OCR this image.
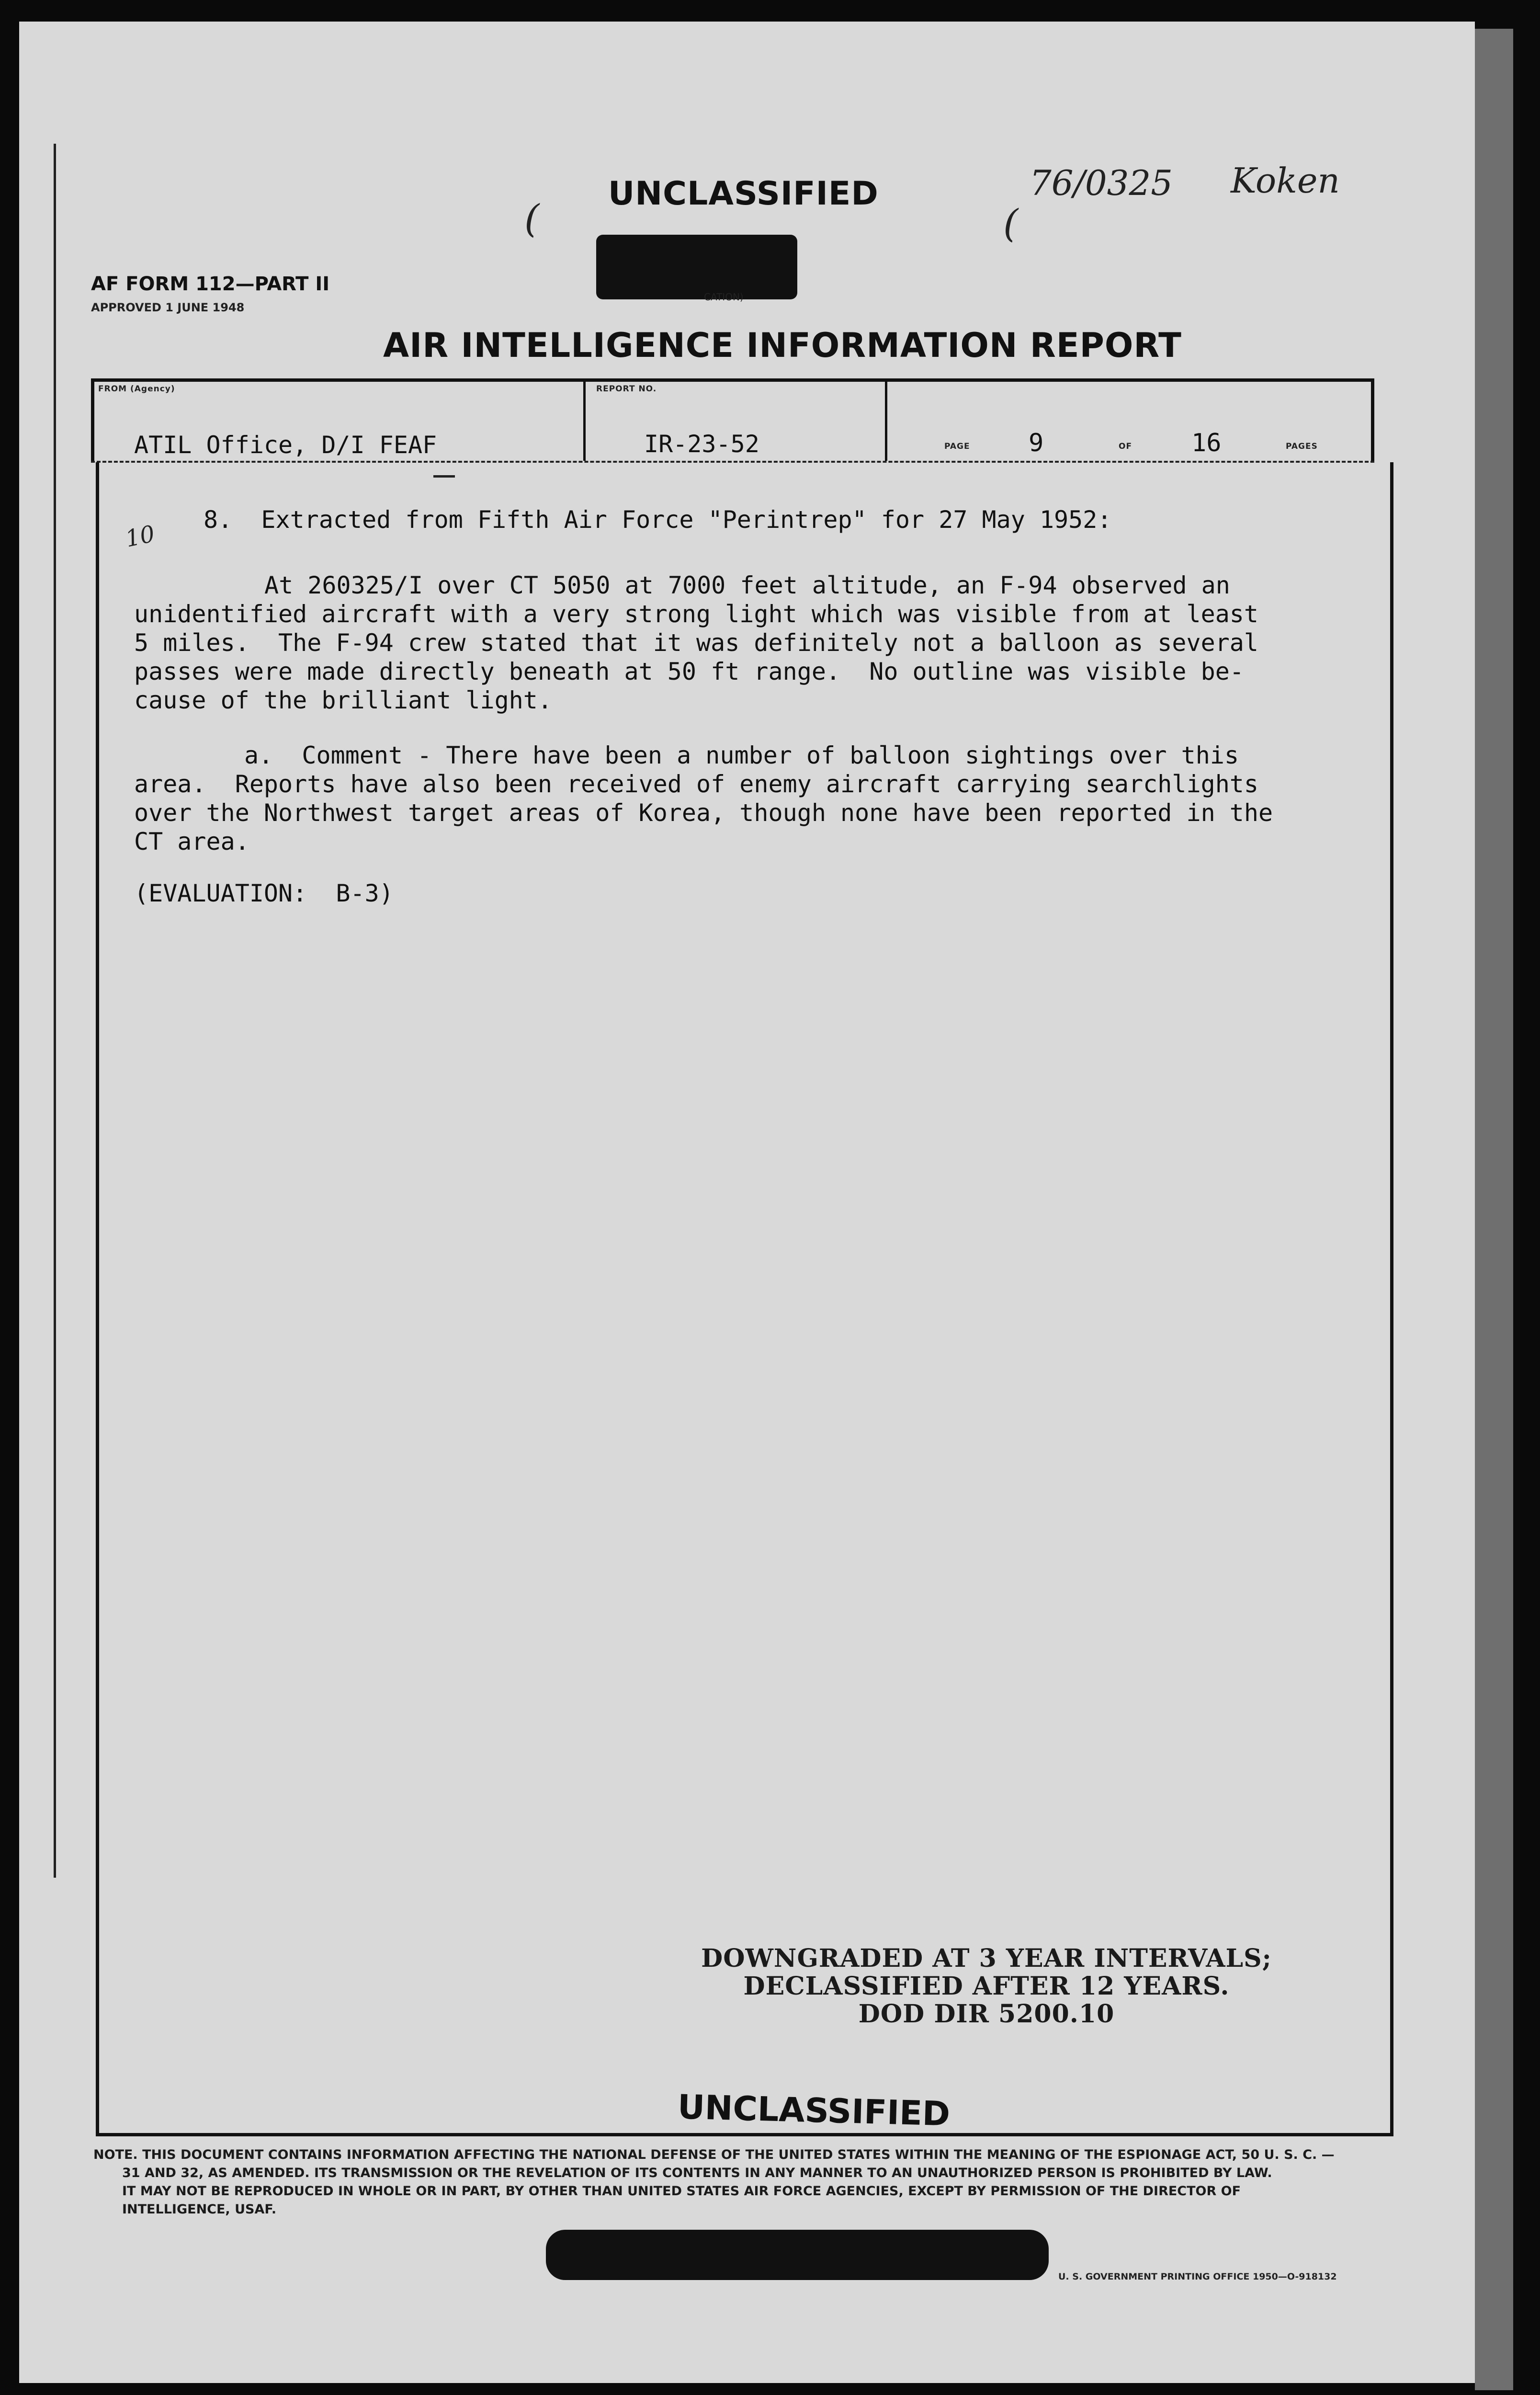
76/0325 Koken
(	(
UNCLASSIFIED
CATION)
AF FORM 112—PART II
APPROVED 1 JUNE 1948
AIR INTELLIGENCE INFORMATION REPORT
FROM (Agency)
ATIL Office, D/I FEAF
REPORT NO.
IR-23-52	PAGE 9	OF 16	PAGES
10
8.  Extracted from Fifth Air Force "Perintrep" for 27 May 1952:
At 260325/I over CT 5050 at 7000 feet altitude, an F-94 observed an
unidentified aircraft with a very strong light which was visible from at least
5 miles.  The F-94 crew stated that it was definitely not a balloon as several
passes were made directly beneath at 50 ft range.  No outline was visible be-
cause of the brilliant light.
a.  Comment - There have been a number of balloon sightings over this
area.  Reports have also been received of enemy aircraft carrying searchlights
over the Northwest target areas of Korea, though none have been reported in the
CT area.
(EVALUATION:  B-3)
DOWNGRADED AT 3 YEAR INTERVALS;
DECLASSIFIED AFTER 12 YEARS.
DOD DIR 5200.10
UNCLASSIFIED
NOTE. THIS DOCUMENT CONTAINS INFORMATION AFFECTING THE NATIONAL DEFENSE OF THE UNITED STATES WITHIN THE MEANING OF THE ESPIONAGE ACT, 50 U. S. C. —
31 AND 32, AS AMENDED. ITS TRANSMISSION OR THE REVELATION OF ITS CONTENTS IN ANY MANNER TO AN UNAUTHORIZED PERSON IS PROHIBITED BY LAW.
IT MAY NOT BE REPRODUCED IN WHOLE OR IN PART, BY OTHER THAN UNITED STATES AIR FORCE AGENCIES, EXCEPT BY PERMISSION OF THE DIRECTOR OF
INTELLIGENCE, USAF.
U. S. GOVERNMENT PRINTING OFFICE 1950—O-918132
